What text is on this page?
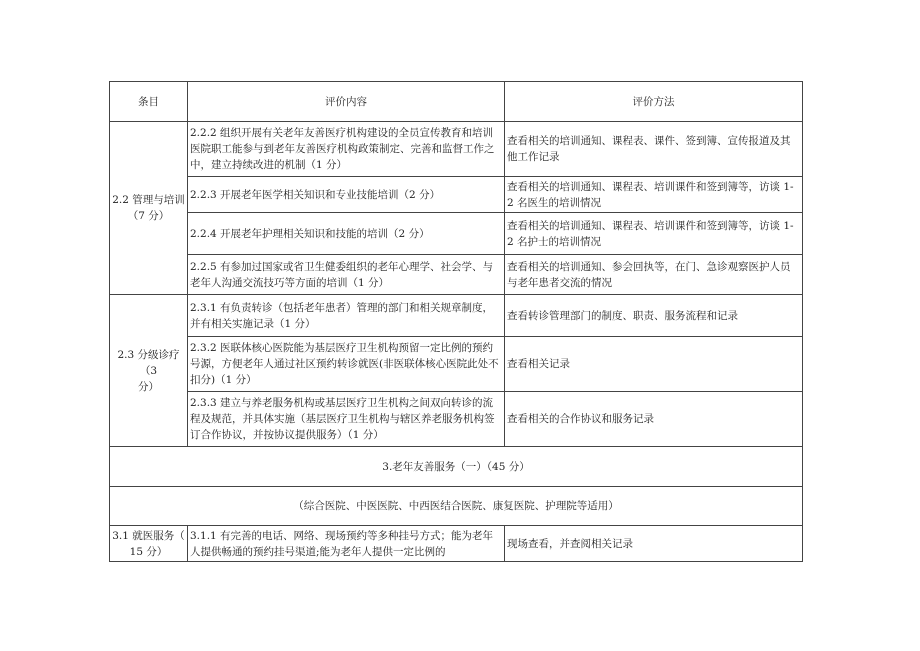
条目	评价内容	评价方法
2.2 管理与培训
（7 分）	2.2.2 组织开展有关老年友善医疗机构建设的全员宣传教育和培训医院职工能参与到老年友善医疗机构政策制定、完善和监督工作之中，建立持续改进的机制（1 分）	查看相关的培训通知、课程表、课件、签到簿、宣传报道及其他工作记录
	2.2.3 开展老年医学相关知识和专业技能培训（2 分）	查看相关的培训通知、课程表、培训课件和签到簿等，访谈 1-2 名医生的培训情况
	2.2.4 开展老年护理相关知识和技能的培训（2 分）	查看相关的培训通知、课程表、培训课件和签到簿等，访谈 1-2 名护士的培训情况
	2.2.5 有参加过国家或省卫生健委组织的老年心理学、社会学、与老年人沟通交流技巧等方面的培训（1 分）	查看相关的培训通知、参会回执等，在门、急诊观察医护人员与老年患者交流的情况
2.3 分级诊疗（3
分）	2.3.1 有负责转诊（包括老年患者）管理的部门和相关规章制度，并有相关实施记录（1 分）	查看转诊管理部门的制度、职责、服务流程和记录
	2.3.2 医联体核心医院能为基层医疗卫生机构预留一定比例的预约号源，方便老年人通过社区预约转诊就医(非医联体核心医院此处不扣分)（1 分）	查看相关记录
	2.3.3 建立与养老服务机构或基层医疗卫生机构之间双向转诊的流程及规范，并具体实施（基层医疗卫生机构与辖区养老服务机构签订合作协议，并按协议提供服务）（1 分）	查看相关的合作协议和服务记录
3.老年友善服务（一）（45 分）		
（综合医院、中医医院、中西医结合医院、康复医院、护理院等适用）		
3.1 就医服务（
15 分）	3.1.1 有完善的电话、网络、现场预约等多种挂号方式；能为老年人提供畅通的预约挂号渠道;能为老年人提供一定比例的	现场查看，并查阅相关记录
